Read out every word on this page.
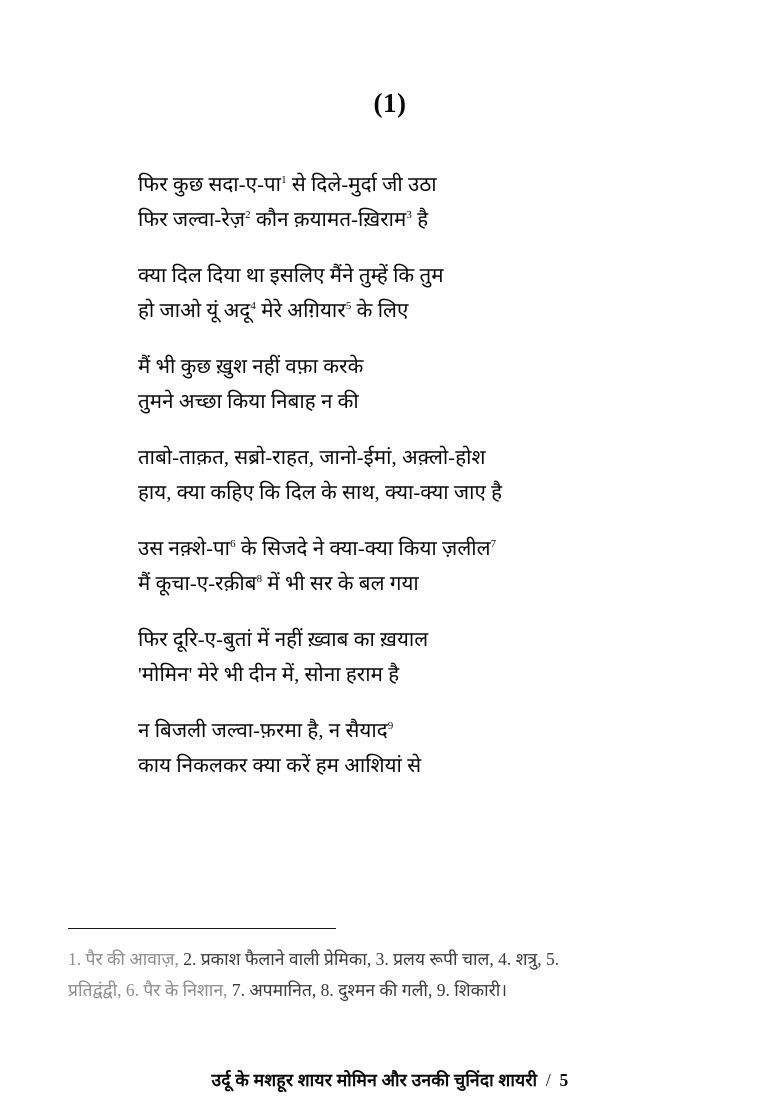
(1)
फिर कुछ सदा-ए-पा$^1$ से दिले-मुर्दा जी उठा
फिर जल्वा-रेज़$^2$ कौन क़यामत-ख़िराम$^3$ है
क्या दिल दिया था इसलिए मैंने तुम्हें कि तुम
हो जाओ यूं अदू$^4$ मेरे अग़ियार$^5$ के लिए
मैं भी कुछ ख़ुश नहीं वफ़ा करके
तुमने अच्छा किया निबाह न की
ताबो-ताक़त, सब्रो-राहत, जानो-ईमां, अक़्लो-होश
हाय, क्या कहिए कि दिल के साथ, क्या-क्या जाए है
उस नक़्शे-पा$^6$ के सिजदे ने क्या-क्या किया ज़लील$^7$
मैं कूचा-ए-रक़ीब$^8$ में भी सर के बल गया
फिर दूरि-ए-बुतां में नहीं ख़्वाब का ख़याल
'मोमिन' मेरे भी दीन में, सोना हराम है
न बिजली जल्वा-फ़रमा है, न सैयाद$^9$
काय निकलकर क्या करें हम आशियां से
1. पैर की आवाज़, 2. प्रकाश फैलाने वाली प्रेमिका, 3. प्रलय रूपी चाल, 4. शत्रु, 5.
प्रतिद्वंद्वी, 6. पैर के निशान, 7. अपमानित, 8. दुश्मन की गली, 9. शिकारी।
उर्दू के मशहूर शायर मोमिन और उनकी चुनिंदा शायरी / 5
